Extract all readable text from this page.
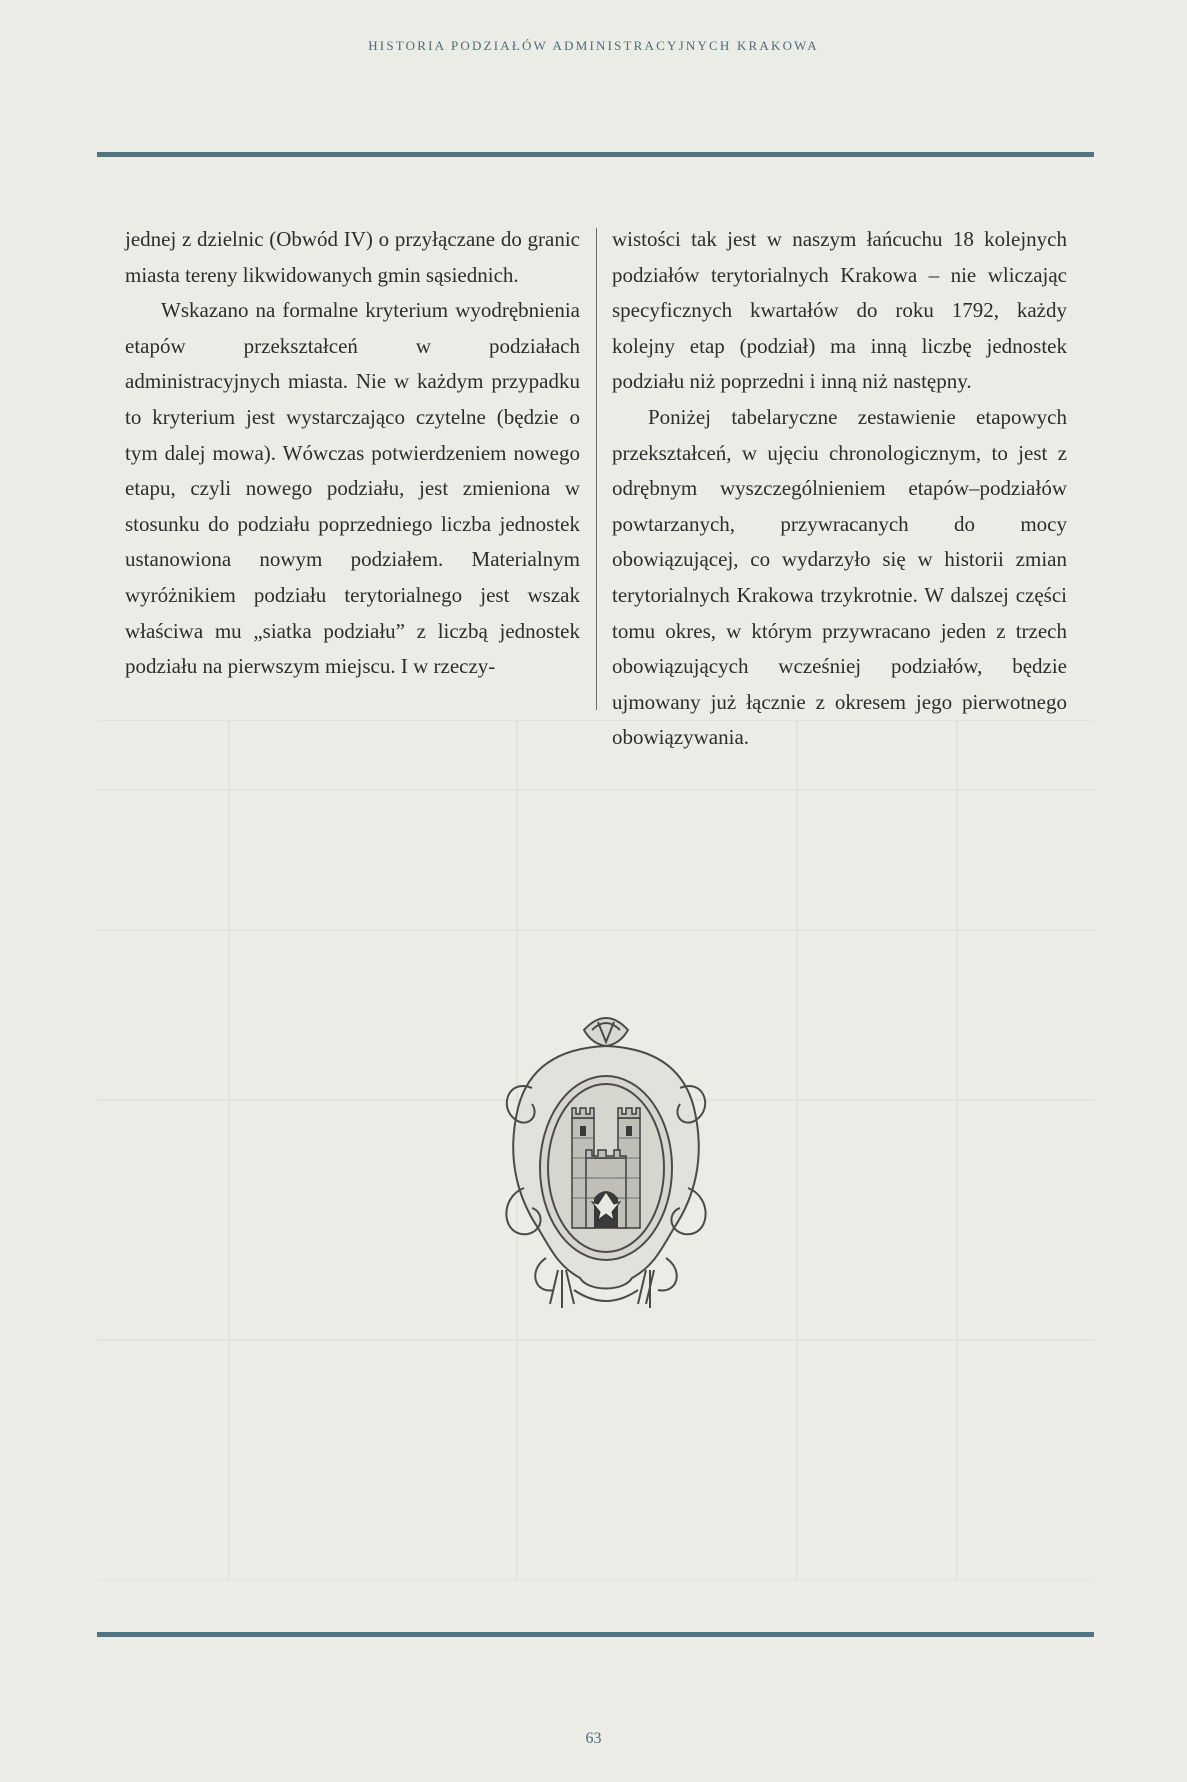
HISTORIA PODZIAŁÓW ADMINISTRACYJNYCH KRAKOWA

jednej z dzielnic (Obwód IV) o przyłączane do granic miasta tereny likwidowanych gmin sąsiednich.

Wskazano na formalne kryterium wyodrębnienia etapów przekształceń w podziałach administracyjnych miasta. Nie w każdym przypadku to kryterium jest wystarczająco czytelne (będzie o tym dalej mowa). Wówczas potwierdzeniem nowego etapu, czyli nowego podziału, jest zmieniona w stosunku do podziału poprzedniego liczba jednostek ustanowiona nowym podziałem. Materialnym wyróżnikiem podziału terytorialnego jest wszak właściwa mu „siatka podziału” z liczbą jednostek podziału na pierwszym miejscu. I w rzeczy-

wistości tak jest w naszym łańcuchu 18 kolejnych podziałów terytorialnych Krakowa – nie wliczając specyficznych kwartałów do roku 1792, każdy kolejny etap (podział) ma inną liczbę jednostek podziału niż poprzedni i inną niż następny.

Poniżej tabelaryczne zestawienie etapowych przekształceń, w ujęciu chronologicznym, to jest z odrębnym wyszczególnieniem etapów–podziałów powtarzanych, przywracanych do mocy obowiązującej, co wydarzyło się w historii zmian terytorialnych Krakowa trzykrotnie. W dalszej części tomu okres, w którym przywracano jeden z trzech obowiązujących wcześniej podziałów, będzie ujmowany już łącznie z okresem jego pierwotnego obowiązywania.

63
